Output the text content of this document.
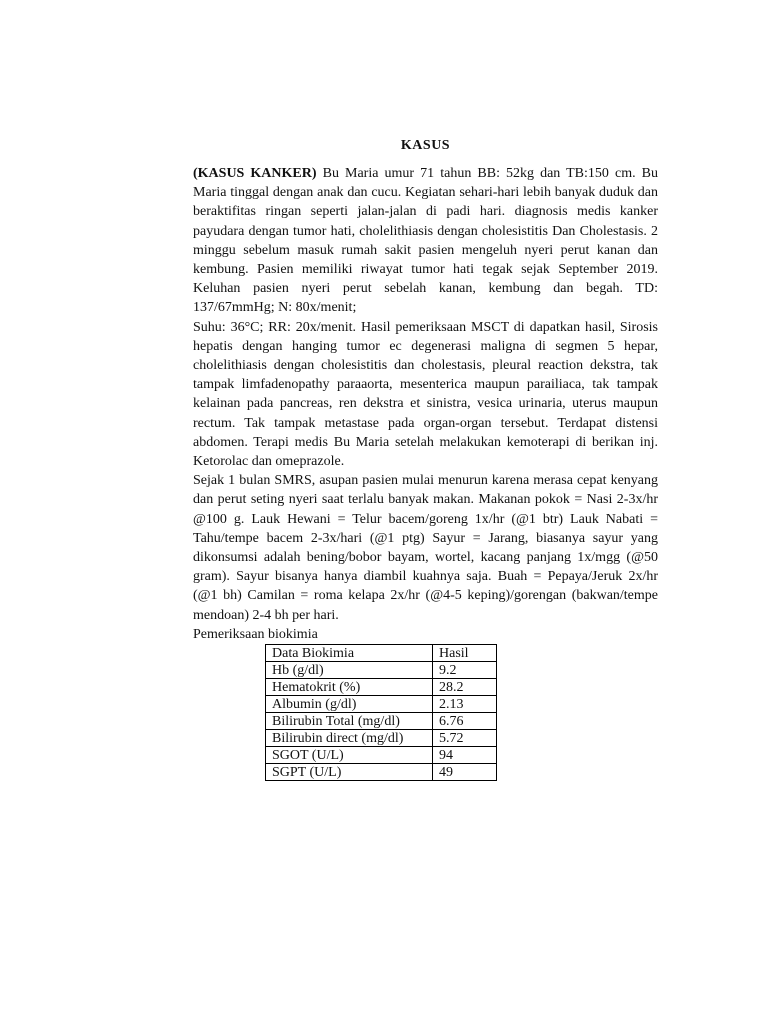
KASUS

(KASUS KANKER) Bu Maria umur 71 tahun BB: 52kg dan TB:150 cm. Bu Maria tinggal dengan anak dan cucu. Kegiatan sehari-hari lebih banyak duduk dan beraktifitas ringan seperti jalan-jalan di padi hari. diagnosis medis kanker payudara dengan tumor hati, cholelithiasis dengan cholesistitis Dan Cholestasis. 2 minggu sebelum masuk rumah sakit pasien mengeluh nyeri perut kanan dan kembung. Pasien memiliki riwayat tumor hati tegak sejak September 2019. Keluhan pasien nyeri perut sebelah kanan, kembung dan begah. TD: 137/67mmHg; N: 80x/menit;

Suhu: 36°C; RR: 20x/menit. Hasil pemeriksaan MSCT di dapatkan hasil, Sirosis hepatis dengan hanging tumor ec degenerasi maligna di segmen 5 hepar, cholelithiasis dengan cholesistitis dan cholestasis, pleural reaction dekstra, tak tampak limfadenopathy paraaorta, mesenterica maupun parailiaca, tak tampak kelainan pada pancreas, ren dekstra et sinistra, vesica urinaria, uterus maupun rectum. Tak tampak metastase pada organ-organ tersebut. Terdapat distensi abdomen. Terapi medis Bu Maria setelah melakukan kemoterapi di berikan inj. Ketorolac dan omeprazole.

Sejak 1 bulan SMRS, asupan pasien mulai menurun karena merasa cepat kenyang dan perut seting nyeri saat terlalu banyak makan. Makanan pokok = Nasi 2-3x/hr @100 g. Lauk Hewani = Telur bacem/goreng 1x/hr (@1 btr) Lauk Nabati = Tahu/tempe bacem 2-3x/hari (@1 ptg) Sayur = Jarang, biasanya sayur yang dikonsumsi adalah bening/bobor bayam, wortel, kacang panjang 1x/mgg (@50 gram). Sayur bisanya hanya diambil kuahnya saja. Buah = Pepaya/Jeruk 2x/hr (@1 bh) Camilan = roma kelapa 2x/hr (@4-5 keping)/gorengan (bakwan/tempe mendoan) 2-4 bh per hari.

Pemeriksaan biokimia

Data Biokimia	Hasil
Hb (g/dl)	9.2
Hematokrit (%)	28.2
Albumin (g/dl)	2.13
Bilirubin Total (mg/dl)	6.76
Bilirubin direct (mg/dl)	5.72
SGOT (U/L)	94
SGPT (U/L)	49
